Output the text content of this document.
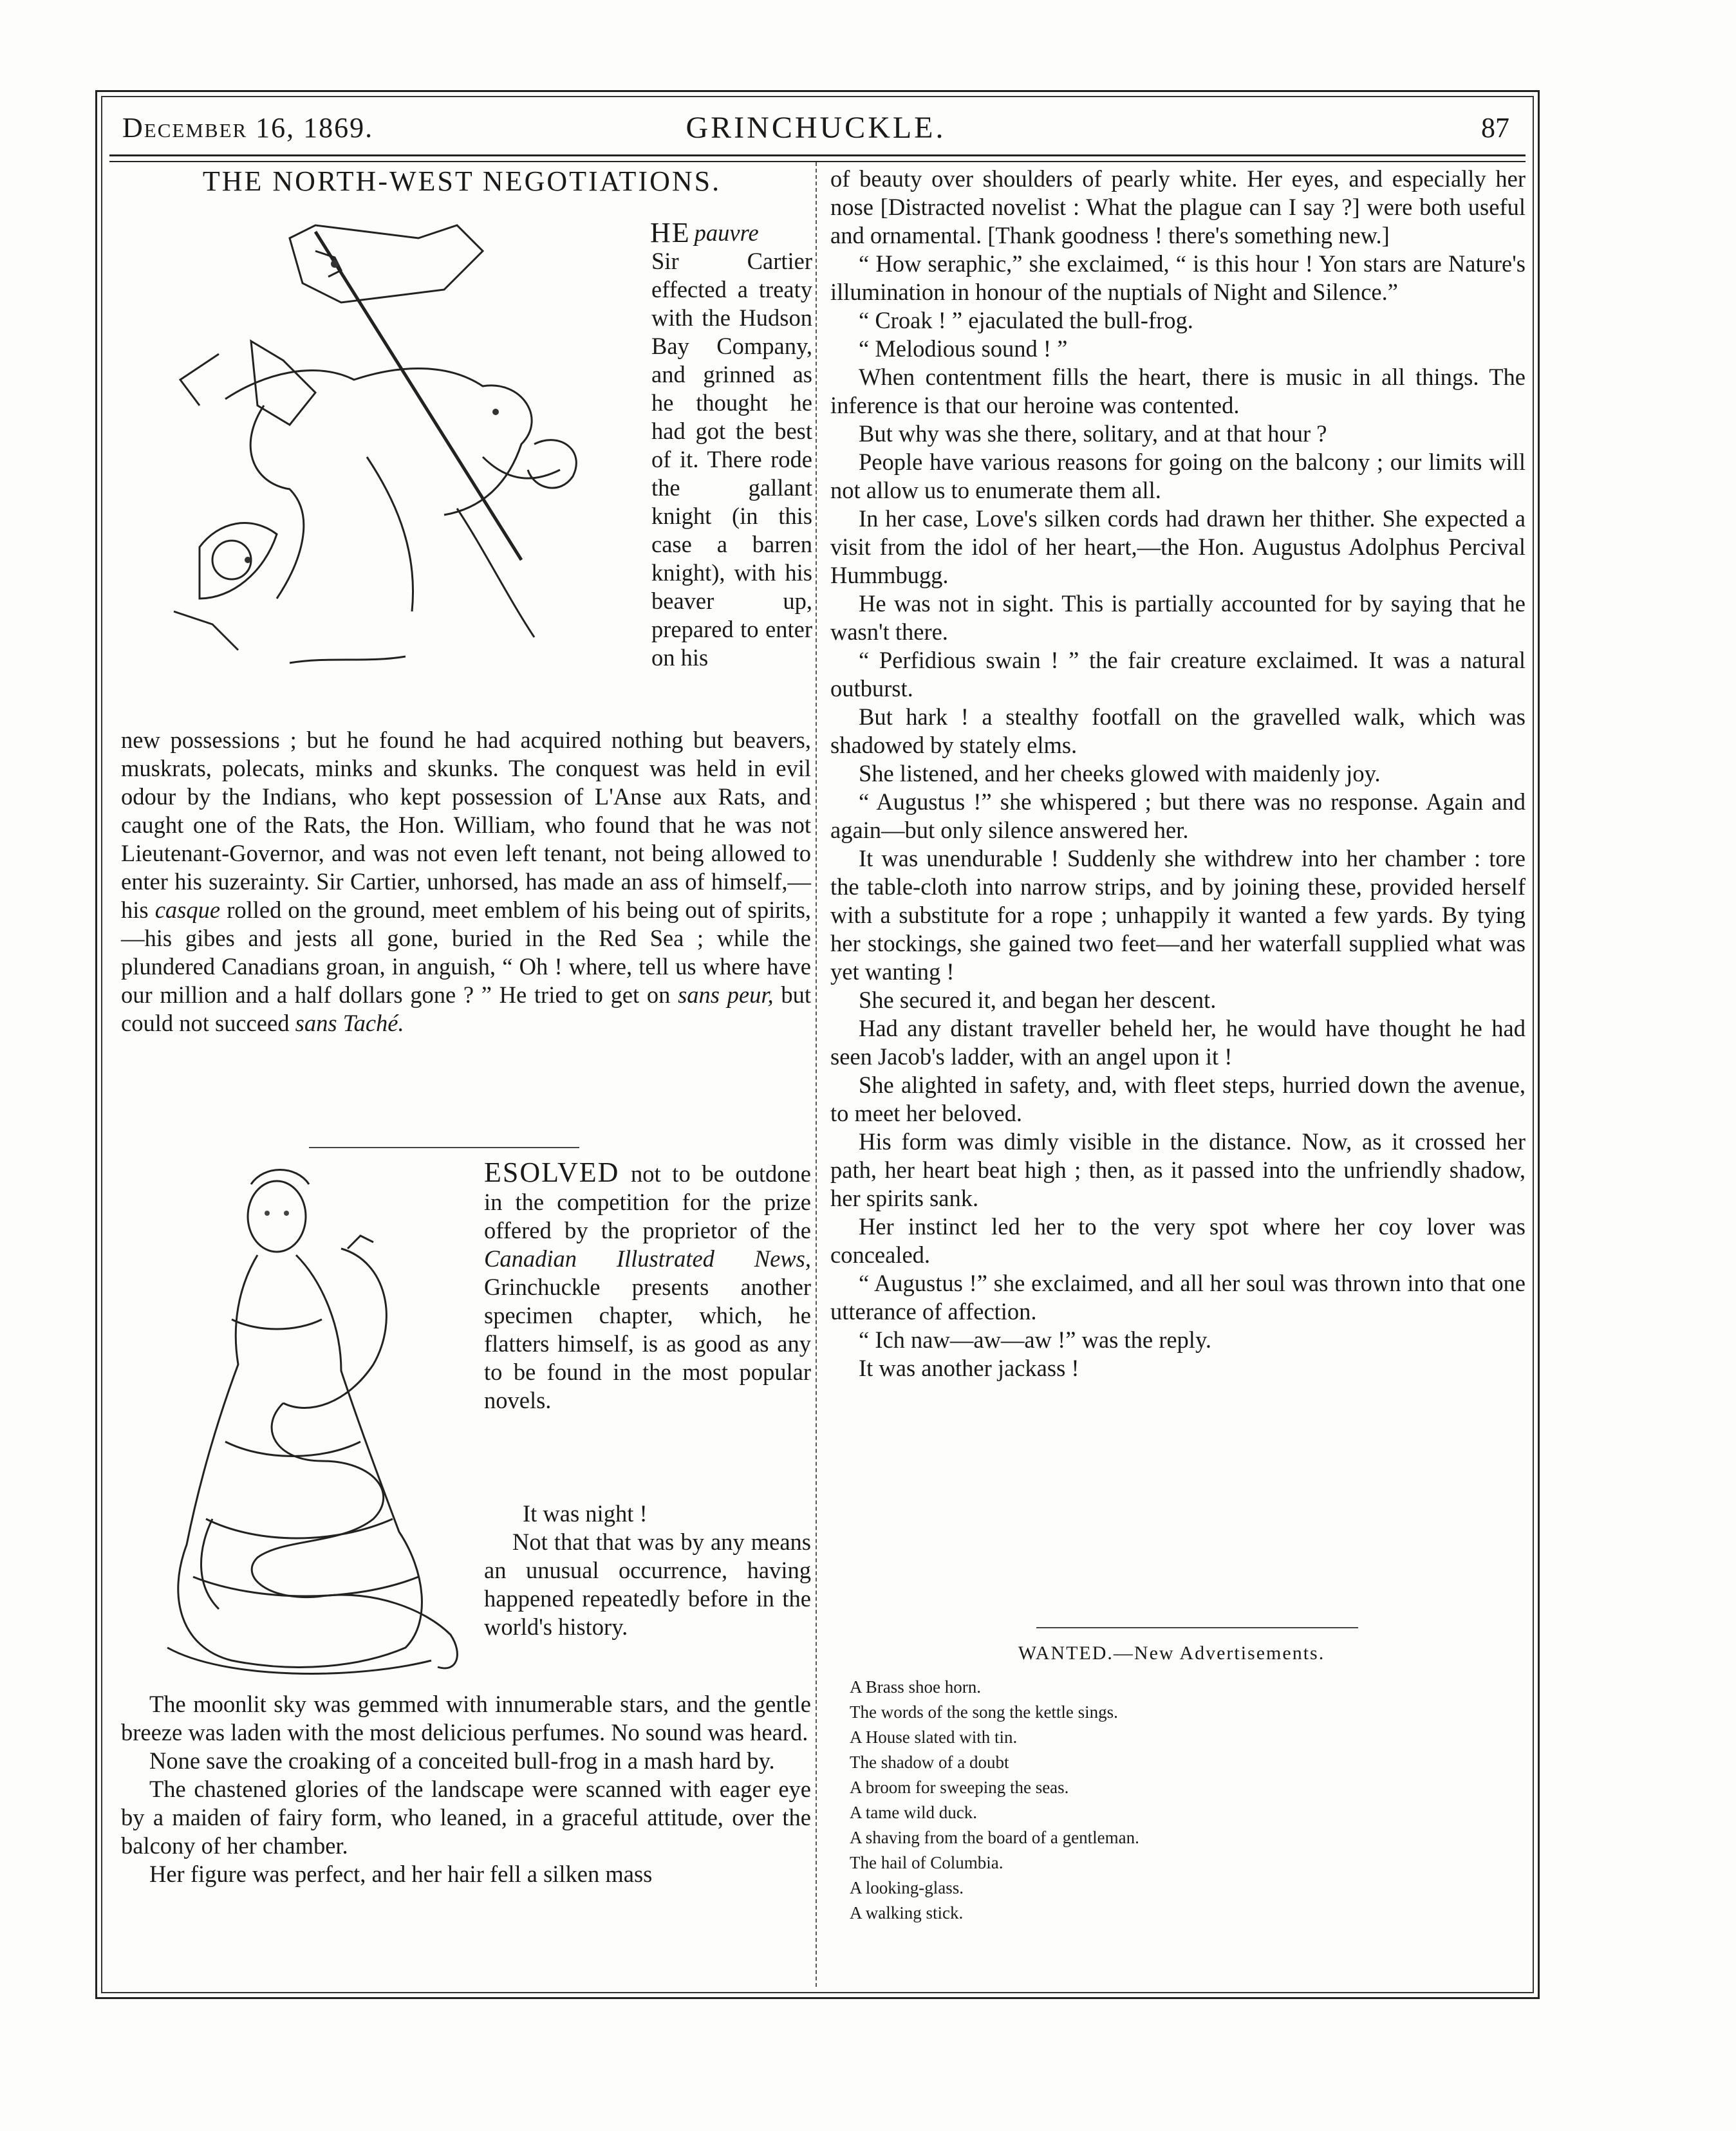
December 16, 1869.	GRINCHUCKLE.	87
THE NORTH-WEST NEGOTIATIONS.
HE pauvre

Sir Cartier effected a treaty with the Hudson Bay Company, and grinned as he thought he had got the best of it. There rode the gallant knight (in this case a barren knight), with his beaver up, prepared to enter on his

new possessions ; but he found he had acquired nothing but beavers, muskrats, polecats, minks and skunks. The conquest was held in evil odour by the Indians, who kept possession of L'Anse aux Rats, and caught one of the Rats, the Hon. William, who found that he was not Lieutenant-Governor, and was not even left tenant, not being allowed to enter his suzerainty. Sir Cartier, unhorsed, has made an ass of himself,—his casque rolled on the ground, meet emblem of his being out of spirits,—his gibes and jests all gone, buried in the Red Sea ; while the plundered Canadians groan, in anguish, “ Oh ! where, tell us where have our million and a half dollars gone ? ” He tried to get on sans peur, but could not succeed sans Taché.

ESOLVED not to be outdone in the competition for the prize offered by the proprietor of the Canadian Illustrated News, Grinchuckle presents another specimen chapter, which, he flatters himself, is as good as any to be found in the most popular novels.

It was night !

Not that that was by any means an unusual occurrence, having happened repeatedly before in the world's history.

The moonlit sky was gemmed with innumerable stars, and the gentle breeze was laden with the most delicious perfumes. No sound was heard.

None save the croaking of a conceited bull-frog in a mash hard by.

The chastened glories of the landscape were scanned with eager eye by a maiden of fairy form, who leaned, in a graceful attitude, over the balcony of her chamber.

Her figure was perfect, and her hair fell a silken mass

of beauty over shoulders of pearly white. Her eyes, and especially her nose [Distracted novelist : What the plague can I say ?] were both useful and ornamental. [Thank goodness ! there's something new.]

“ How seraphic,” she exclaimed, “ is this hour ! Yon stars are Nature's illumination in honour of the nuptials of Night and Silence.”

“ Croak ! ” ejaculated the bull-frog.

“ Melodious sound ! ”

When contentment fills the heart, there is music in all things. The inference is that our heroine was contented.

But why was she there, solitary, and at that hour ?

People have various reasons for going on the balcony ; our limits will not allow us to enumerate them all.

In her case, Love's silken cords had drawn her thither. She expected a visit from the idol of her heart,—the Hon. Augustus Adolphus Percival Hummbugg.

He was not in sight. This is partially accounted for by saying that he wasn't there.

“ Perfidious swain ! ” the fair creature exclaimed. It was a natural outburst.

But hark ! a stealthy footfall on the gravelled walk, which was shadowed by stately elms.

She listened, and her cheeks glowed with maidenly joy.

“ Augustus !” she whispered ; but there was no response. Again and again—but only silence answered her.

It was unendurable ! Suddenly she withdrew into her chamber : tore the table-cloth into narrow strips, and by joining these, provided herself with a substitute for a rope ; unhappily it wanted a few yards. By tying her stockings, she gained two feet—and her waterfall supplied what was yet wanting !

She secured it, and began her descent.

Had any distant traveller beheld her, he would have thought he had seen Jacob's ladder, with an angel upon it !

She alighted in safety, and, with fleet steps, hurried down the avenue, to meet her beloved.

His form was dimly visible in the distance. Now, as it crossed her path, her heart beat high ; then, as it passed into the unfriendly shadow, her spirits sank.

Her instinct led her to the very spot where her coy lover was concealed.

“ Augustus !” she exclaimed, and all her soul was thrown into that one utterance of affection.

“ Ich naw—aw—aw !” was the reply.

It was another jackass !

WANTED.—New Advertisements.
A Brass shoe horn.
The words of the song the kettle sings.
A House slated with tin.
The shadow of a doubt
A broom for sweeping the seas.
A tame wild duck.
A shaving from the board of a gentleman.
The hail of Columbia.
A looking-glass.
A walking stick.
